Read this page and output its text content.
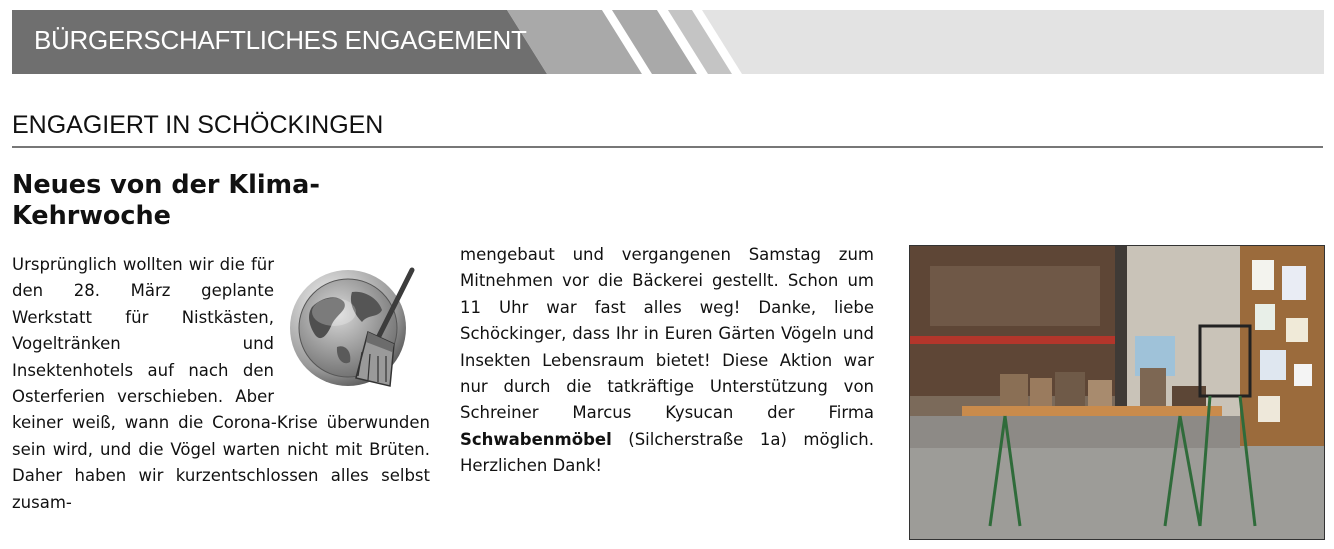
BÜRGERSCHAFTLICHES ENGAGEMENT
ENGAGIERT IN SCHÖCKINGEN
Neues von der Klima-Kehrwoche

Ursprünglich wollten wir die für den 28. März geplante Werkstatt für Nistkästen, Vogeltränken und Insektenhotels auf nach den Osterferien verschieben. Aber keiner weiß, wann die Corona-Krise überwunden sein wird, und die Vögel warten nicht mit Brüten. Daher haben wir kurzentschlossen alles selbst zusam-

mengebaut und vergangenen Samstag zum Mitnehmen vor die Bäckerei gestellt. Schon um 11 Uhr war fast alles weg! Danke, liebe Schöckinger, dass Ihr in Euren Gärten Vögeln und Insekten Lebensraum bietet! Diese Aktion war nur durch die tatkräftige Unterstützung von Schreiner Marcus Kysucan der Firma Schwabenmöbel (Silcherstraße 1a) möglich. Herzlichen Dank!
